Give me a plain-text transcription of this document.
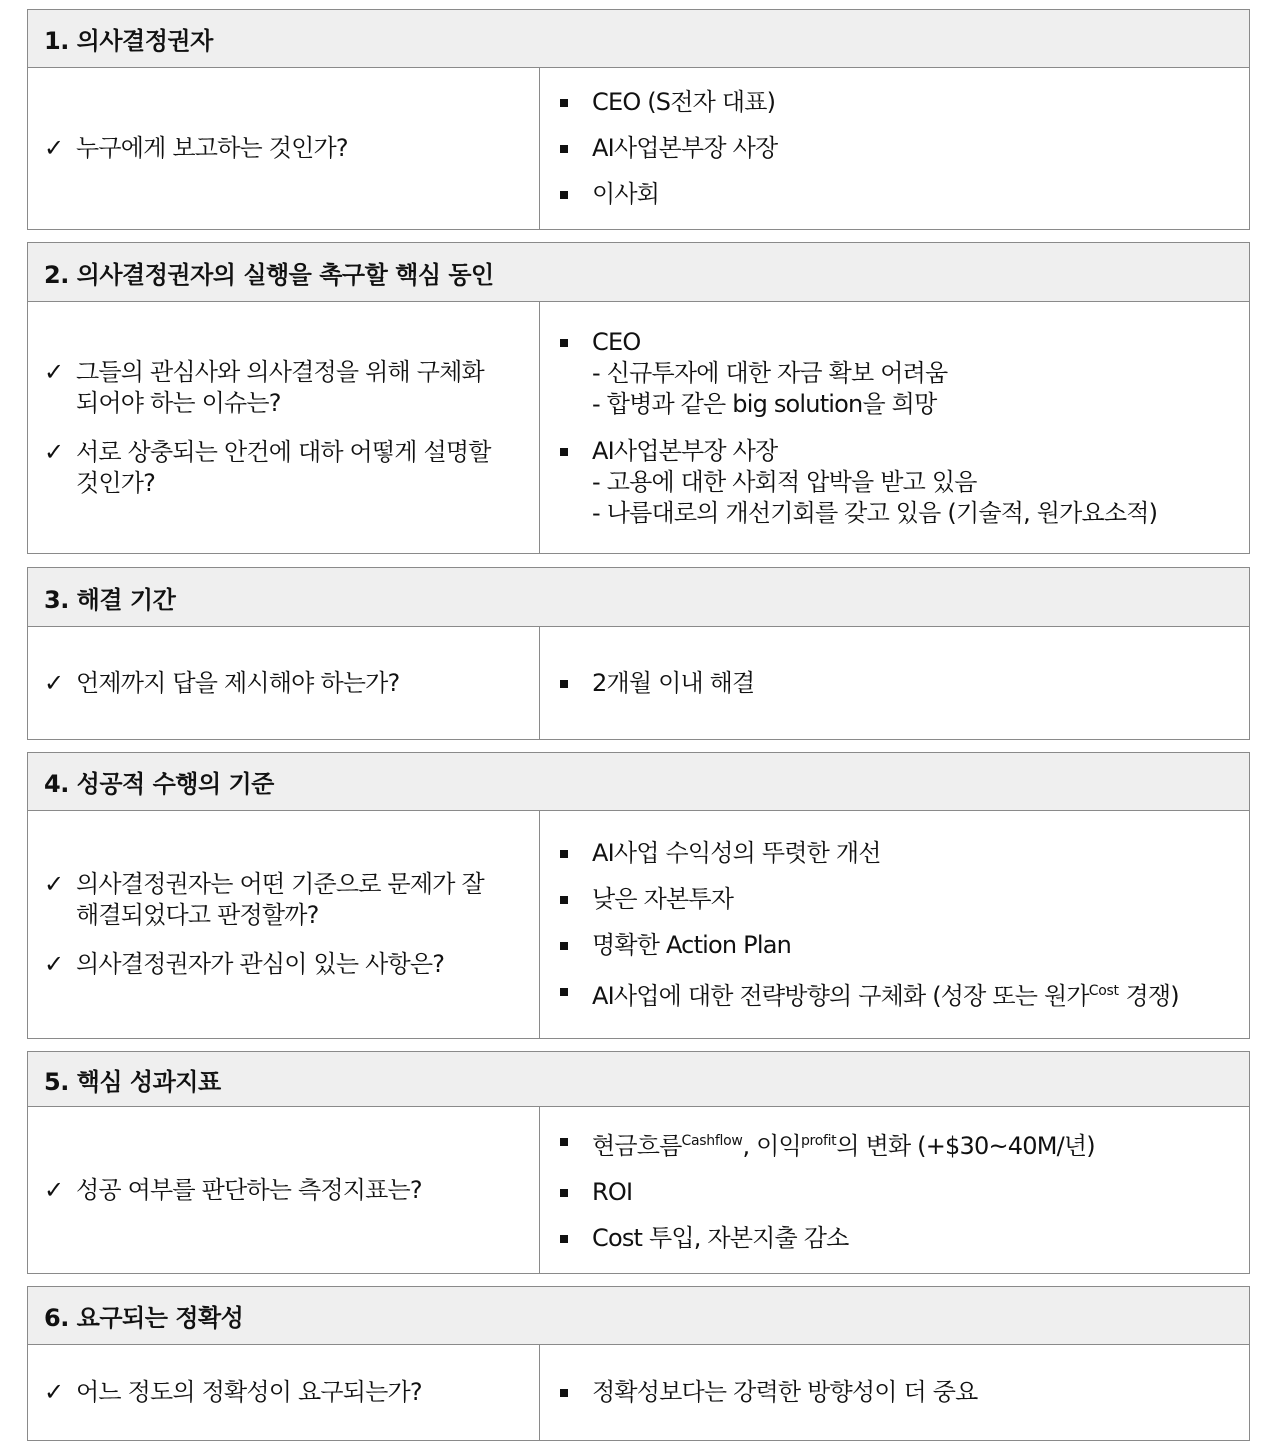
1. 의사결정권자
✓ 누구에게 보고하는 것인가?
CEO (S전자 대표)
AI사업본부장 사장
이사회
2. 의사결정권자의 실행을 촉구할 핵심 동인
✓ 그들의 관심사와 의사결정을 위해 구체화
되어야 하는 이슈는?
✓ 서로 상충되는 안건에 대하 어떻게 설명할
것인가?
CEO
- 신규투자에 대한 자금 확보 어려움
- 합병과 같은 big solution을 희망
AI사업본부장 사장
- 고용에 대한 사회적 압박을 받고 있음
- 나름대로의 개선기회를 갖고 있음 (기술적, 원가요소적)
3. 해결 기간
✓ 언제까지 답을 제시해야 하는가?	2개월 이내 해결
4. 성공적 수행의 기준
✓ 의사결정권자는 어떤 기준으로 문제가 잘
해결되었다고 판정할까?
✓ 의사결정권자가 관심이 있는 사항은?
AI사업 수익성의 뚜렷한 개선
낮은 자본투자
명확한 Action Plan
AI사업에 대한 전략방향의 구체화 (성장 또는 원가$^{Cost}$ 경쟁)
5. 핵심 성과지표
✓ 성공 여부를 판단하는 측정지표는?
현금흐름$^{Cashflow}$, 이익$^{profit}$의 변화 (+$30~40M/년)
ROI
Cost 투입, 자본지출 감소
6. 요구되는 정확성
✓ 어느 정도의 정확성이 요구되는가?	정확성보다는 강력한 방향성이 더 중요
